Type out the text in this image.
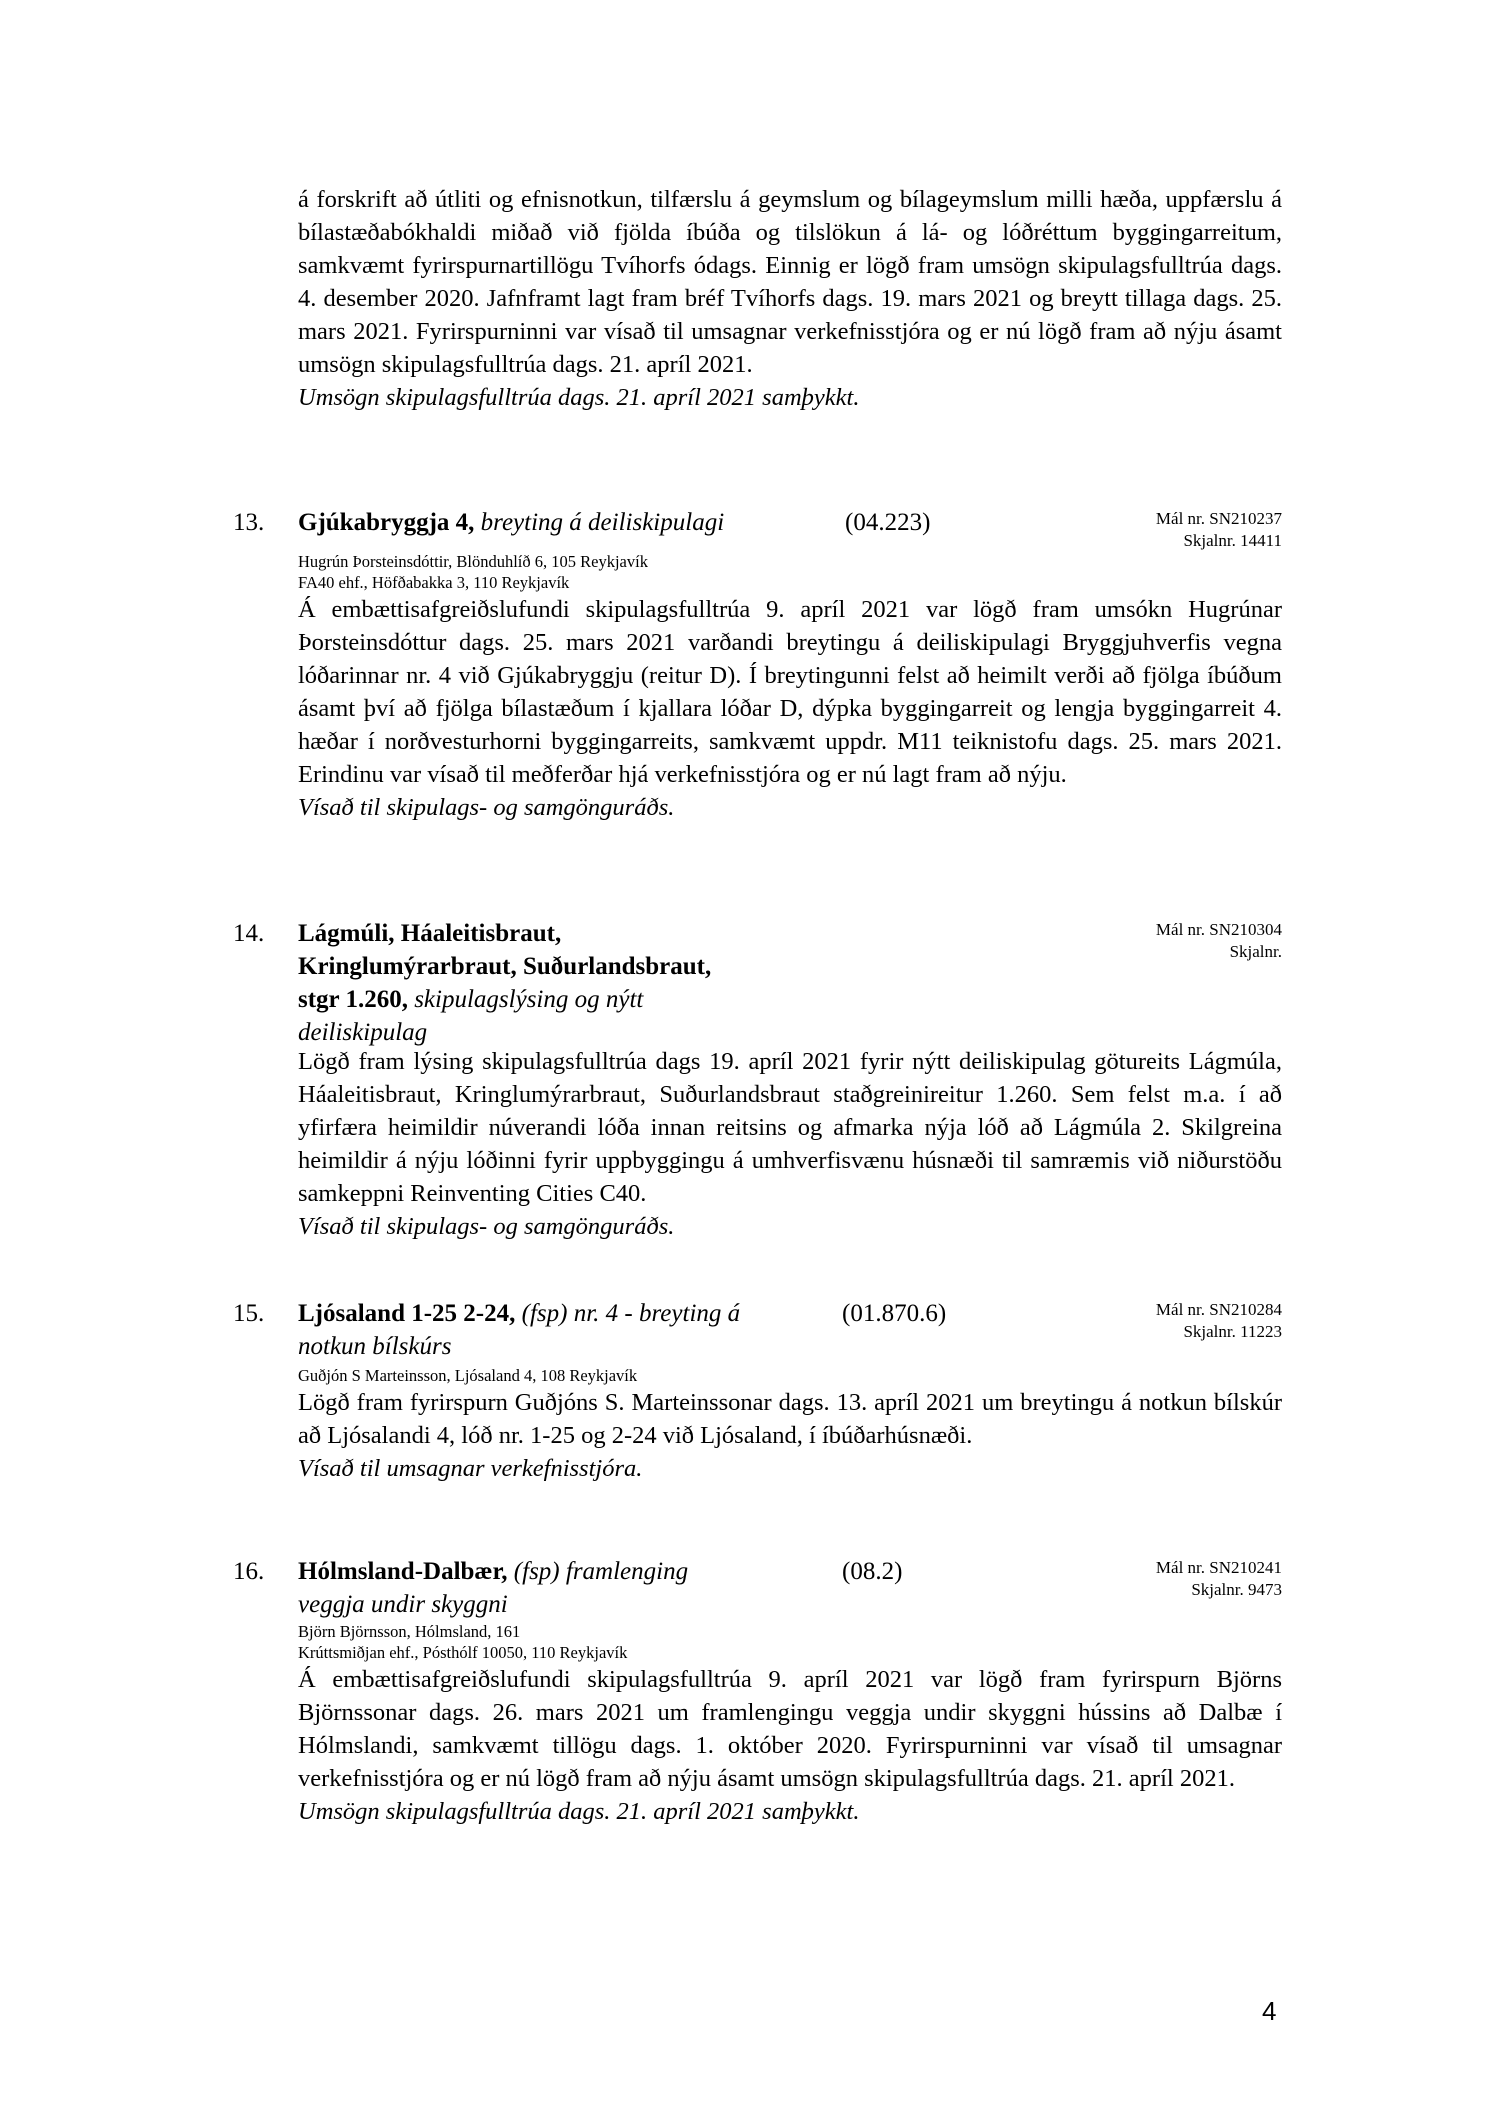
á forskrift að útliti og efnisnotkun, tilfærslu á geymslum og bílageymslum milli hæða, uppfærslu á bílastæðabókhaldi miðað við fjölda íbúða og tilslökun á lá- og lóðréttum byggingarreitum, samkvæmt fyrirspurnartillögu Tvíhorfs ódags. Einnig er lögð fram umsögn skipulagsfulltrúa dags. 4. desember 2020. Jafnframt lagt fram bréf Tvíhorfs dags. 19. mars 2021 og breytt tillaga dags. 25. mars 2021. Fyrirspurninni var vísað til umsagnar verkefnisstjóra og er nú lögð fram að nýju ásamt umsögn skipulagsfulltrúa dags. 21. apríl 2021.

Umsögn skipulagsfulltrúa dags. 21. apríl 2021 samþykkt.

13. Gjúkabryggja 4, breyting á deiliskipulagi	(04.223)	Mál nr. SN210237
Skjalnr. 14411
Hugrún Þorsteinsdóttir, Blönduhlíð 6, 105 Reykjavík
FA40 ehf., Höfðabakka 3, 110 Reykjavík
Á embættisafgreiðslufundi skipulagsfulltrúa 9. apríl 2021 var lögð fram umsókn Hugrúnar Þorsteinsdóttur dags. 25. mars 2021 varðandi breytingu á deiliskipulagi Bryggjuhverfis vegna lóðarinnar nr. 4 við Gjúkabryggju (reitur D). Í breytingunni felst að heimilt verði að fjölga íbúðum ásamt því að fjölga bílastæðum í kjallara lóðar D, dýpka byggingarreit og lengja byggingarreit 4. hæðar í norðvesturhorni byggingarreits, samkvæmt uppdr. M11 teiknistofu dags. 25. mars 2021. Erindinu var vísað til meðferðar hjá verkefnisstjóra og er nú lagt fram að nýju.
Vísað til skipulags- og samgönguráðs.
14. Lágmúli, Háaleitisbraut,
Kringlumýrarbraut, Suðurlandsbraut,
stgr 1.260, skipulagslýsing og nýtt
deiliskipulag
Mál nr. SN210304
Skjalnr.
Lögð fram lýsing skipulagsfulltrúa dags 19. apríl 2021 fyrir nýtt deiliskipulag götureits Lágmúla, Háaleitisbraut, Kringlumýrarbraut, Suðurlandsbraut staðgreinireitur 1.260. Sem felst m.a. í að yfirfæra heimildir núverandi lóða innan reitsins og afmarka nýja lóð að Lágmúla 2. Skilgreina heimildir á nýju lóðinni fyrir uppbyggingu á umhverfisvænu húsnæði til samræmis við niðurstöðu samkeppni Reinventing Cities C40.
Vísað til skipulags- og samgönguráðs.
15. Ljósaland 1-25 2-24, (fsp) nr. 4 - breyting á
notkun bílskúrs
(01.870.6)	Mál nr. SN210284
Skjalnr. 11223
Guðjón S Marteinsson, Ljósaland 4, 108 Reykjavík
Lögð fram fyrirspurn Guðjóns S. Marteinssonar dags. 13. apríl 2021 um breytingu á notkun bílskúr að Ljósalandi 4, lóð nr. 1-25 og 2-24 við Ljósaland, í íbúðarhúsnæði.
Vísað til umsagnar verkefnisstjóra.
16. Hólmsland-Dalbær, (fsp) framlenging
veggja undir skyggni
(08.2)	Mál nr. SN210241
Skjalnr. 9473
Björn Björnsson, Hólmsland, 161
Krúttsmiðjan ehf., Pósthólf 10050, 110 Reykjavík
Á embættisafgreiðslufundi skipulagsfulltrúa 9. apríl 2021 var lögð fram fyrirspurn Björns Björnssonar dags. 26. mars 2021 um framlengingu veggja undir skyggni hússins að Dalbæ í Hólmslandi, samkvæmt tillögu dags. 1. október 2020. Fyrirspurninni var vísað til umsagnar verkefnisstjóra og er nú lögð fram að nýju ásamt umsögn skipulagsfulltrúa dags. 21. apríl 2021.
Umsögn skipulagsfulltrúa dags. 21. apríl 2021 samþykkt.
4
